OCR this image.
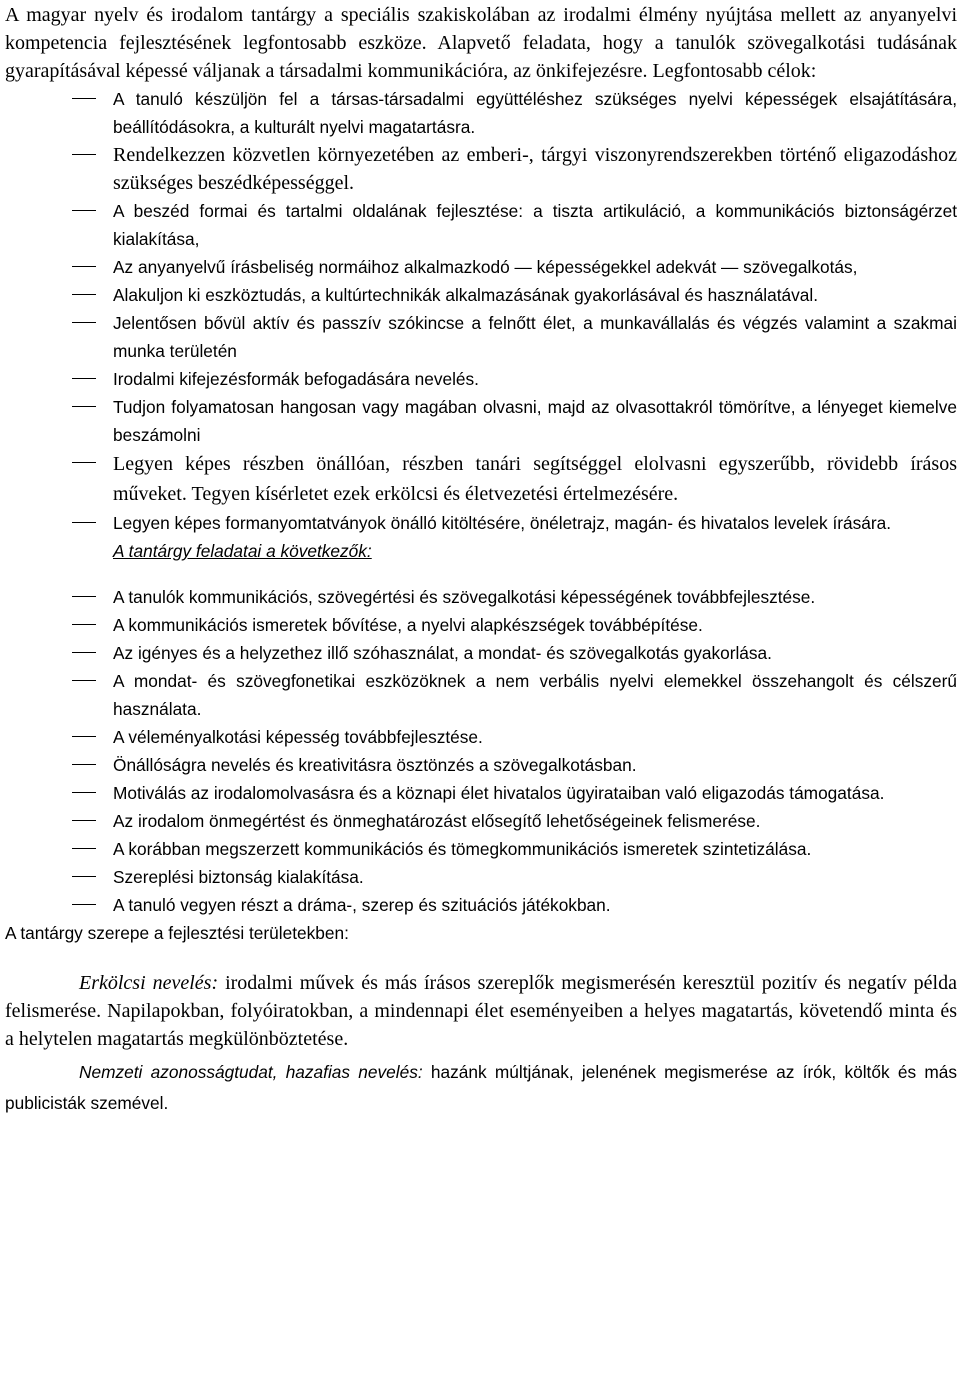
A magyar nyelv és irodalom tantárgy a speciális szakiskolában az irodalmi élmény nyújtása mellett az anyanyelvi kompetencia fejlesztésének legfontosabb eszköze. Alapvető feladata, hogy a tanulók szövegalkotási tudásának gyarapításával képessé váljanak a társadalmi kommunikációra, az önkifejezésre. Legfontosabb célok:

A tanuló készüljön fel a társas-társadalmi együttéléshez szükséges nyelvi képességek elsajátítására, beállítódásokra, a kulturált nyelvi magatartásra.
Rendelkezzen közvetlen környezetében az emberi-, tárgyi viszonyrendszerekben történő eligazodáshoz szükséges beszédképességgel.
A beszéd formai és tartalmi oldalának fejlesztése: a tiszta artikuláció, a kommunikációs biztonságérzet kialakítása,
Az anyanyelvű írásbeliség normáihoz alkalmazkodó — képességekkel adekvát — szövegalkotás,
Alakuljon ki eszköztudás, a kultúrtechnikák alkalmazásának gyakorlásával és használatával.
Jelentősen bővül aktív és passzív szókincse a felnőtt élet, a munkavállalás és végzés valamint a szakmai munka területén
Irodalmi kifejezésformák befogadására nevelés.
Tudjon folyamatosan hangosan vagy magában olvasni, majd az olvasottakról tömörítve, a lényeget kiemelve beszámolni
Legyen képes részben önállóan, részben tanári segítséggel elolvasni egyszerűbb, rövidebb írásos műveket. Tegyen kísérletet ezek erkölcsi és életvezetési értelmezésére.
Legyen képes formanyomtatványok önálló kitöltésére, önéletrajz, magán- és hivatalos levelek írására.
A tantárgy feladatai a következők:
A tanulók kommunikációs, szövegértési és szövegalkotási képességének továbbfejlesztése.
A kommunikációs ismeretek bővítése, a nyelvi alapkészségek továbbépítése.
Az igényes és a helyzethez illő szóhasználat, a mondat- és szövegalkotás gyakorlása.
A mondat- és szövegfonetikai eszközöknek a nem verbális nyelvi elemekkel összehangolt és célszerű használata.
A véleményalkotási képesség továbbfejlesztése.
Önállóságra nevelés és kreativitásra ösztönzés a szövegalkotásban.
Motiválás az irodalomolvasásra és a köznapi élet hivatalos ügyirataiban való eligazodás támogatása.
Az irodalom önmegértést és önmeghatározást elősegítő lehetőségeinek felismerése.
A korábban megszerzett kommunikációs és tömegkommunikációs ismeretek szintetizálása.
Szereplési biztonság kialakítása.
A tanuló vegyen részt a dráma-, szerep és szituációs játékokban.
A tantárgy szerepe a fejlesztési területekben:

Erkölcsi nevelés: irodalmi művek és más írásos szereplők megismerésén keresztül pozitív és negatív példa felismerése. Napilapokban, folyóiratokban, a mindennapi élet eseményeiben a helyes magatartás, követendő minta és a helytelen magatartás megkülönböztetése.

Nemzeti azonosságtudat, hazafias nevelés: hazánk múltjának, jelenének megismerése az írók, költők és más publicisták szemével.
